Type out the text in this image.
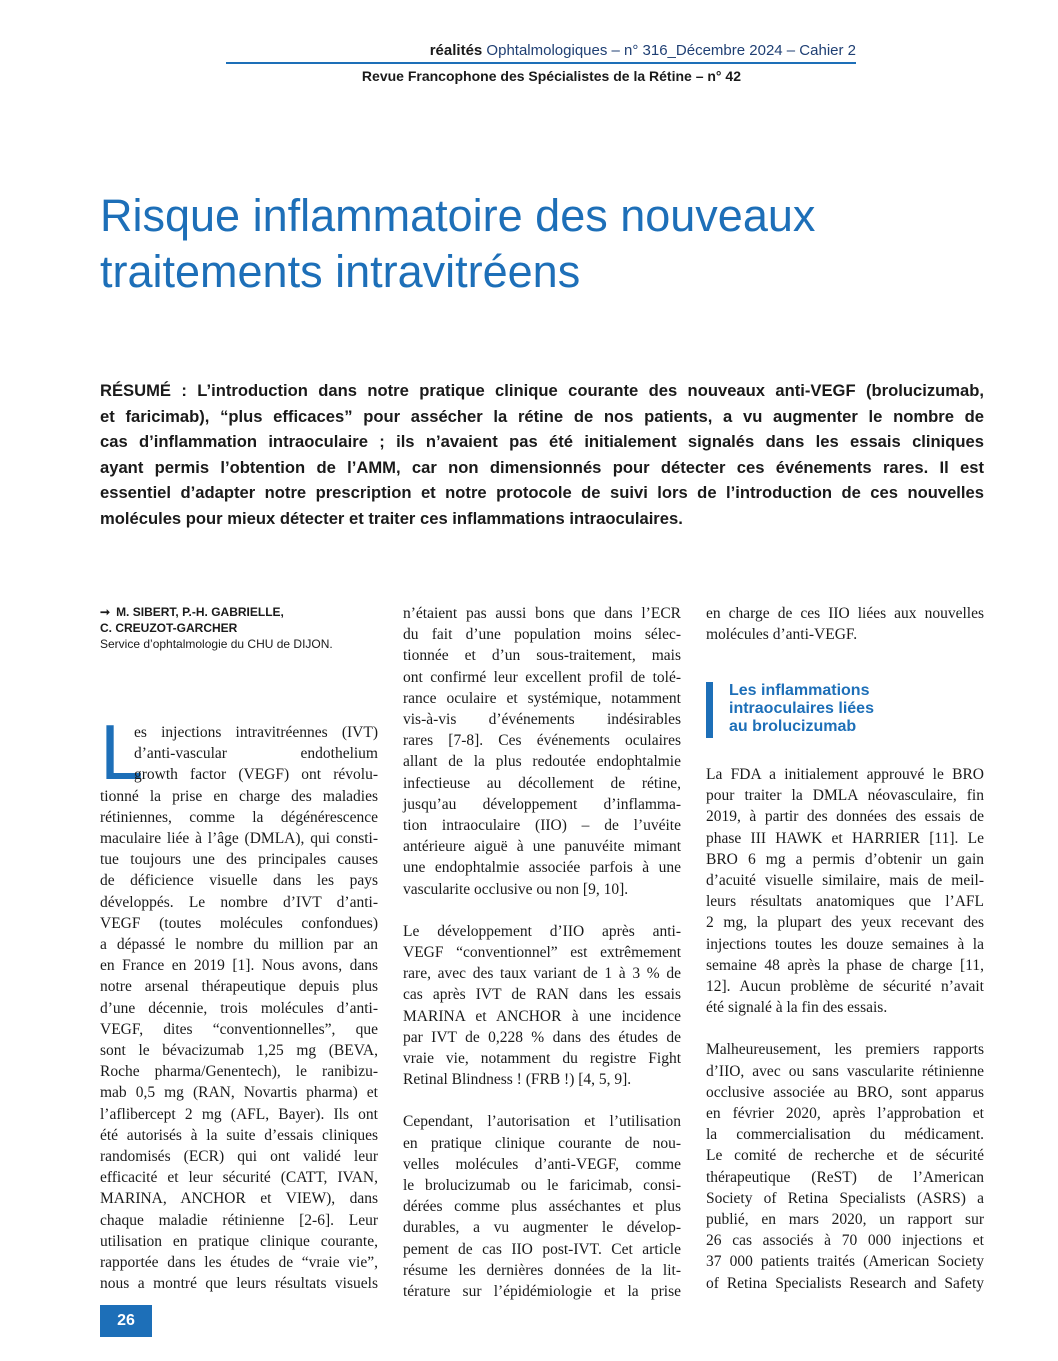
réalités Ophtalmologiques – n° 316_Décembre 2024 – Cahier 2
Revue Francophone des Spécialistes de la Rétine – n° 42
Risque inflammatoire des nouveaux
traitements intravitréens
RÉSUMÉ : L’introduction dans notre pratique clinique courante des nouveaux anti-VEGF (brolucizumab,
et faricimab), “plus efficaces” pour assécher la rétine de nos patients, a vu augmenter le nombre de
cas d’inflammation intraoculaire ; ils n’avaient pas été initialement signalés dans les essais cliniques
ayant permis l’obtention de l’AMM, car non dimensionnés pour détecter ces événements rares. Il est
essentiel d’adapter notre prescription et notre protocole de suivi lors de l’introduction de ces nouvelles
molécules pour mieux détecter et traiter ces inflammations intraoculaires.
➞ M. SIBERT, P.-H. GABRIELLE,
C. CREUZOT-GARCHER
Service d’ophtalmologie du CHU de DIJON.
L
es injections intravitréennes (IVT)
d’anti-vascular endothelium
growth factor (VEGF) ont révolu-
tionné la prise en charge des maladies
rétiniennes, comme la dégénérescence
maculaire liée à l’âge (DMLA), qui consti-
tue toujours une des principales causes
de déficience visuelle dans les pays
développés. Le nombre d’IVT d’anti-
VEGF (toutes molécules confondues)
a dépassé le nombre du million par an
en France en 2019 [1]. Nous avons, dans
notre arsenal thérapeutique depuis plus
d’une décennie, trois molécules d’anti-
VEGF, dites “conventionnelles”, que
sont le bévacizumab 1,25 mg (BEVA,
Roche pharma/Genentech), le ranibizu-
mab 0,5 mg (RAN, Novartis pharma) et
l’aflibercept 2 mg (AFL, Bayer). Ils ont
été autorisés à la suite d’essais cliniques
randomisés (ECR) qui ont validé leur
efficacité et leur sécurité (CATT, IVAN,
MARINA, ANCHOR et VIEW), dans
chaque maladie rétinienne [2-6]. Leur
utilisation en pratique clinique courante,
rapportée dans les études de “vraie vie”,
nous a montré que leurs résultats visuels
n’étaient pas aussi bons que dans l’ECR
du fait d’une population moins sélec-
tionnée et d’un sous-traitement, mais
ont confirmé leur excellent profil de tolé-
rance oculaire et systémique, notamment
vis-à-vis d’événements indésirables
rares [7-8]. Ces événements oculaires
allant de la plus redoutée endophtalmie
infectieuse au décollement de rétine,
jusqu’au développement d’inflamma-
tion intraoculaire (IIO) – de l’uvéite
antérieure aiguë à une panuvéite mimant
une endophtalmie associée parfois à une
vascularite occlusive ou non [9, 10].
Le développement d’IIO après anti-
VEGF “conventionnel” est extrêmement
rare, avec des taux variant de 1 à 3 % de
cas après IVT de RAN dans les essais
MARINA et ANCHOR à une incidence
par IVT de 0,228 % dans des études de
vraie vie, notamment du registre Fight
Retinal Blindness ! (FRB !) [4, 5, 9].
Cependant, l’autorisation et l’utilisation
en pratique clinique courante de nou-
velles molécules d’anti-VEGF, comme
le brolucizumab ou le faricimab, consi-
dérées comme plus asséchantes et plus
durables, a vu augmenter le dévelop-
pement de cas IIO post-IVT. Cet article
résume les dernières données de la lit-
térature sur l’épidémiologie et la prise
en charge de ces IIO liées aux nouvelles
molécules d’anti-VEGF.
Les inflammations
intraoculaires liées
au brolucizumab
La FDA a initialement approuvé le BRO
pour traiter la DMLA néovasculaire, fin
2019, à partir des données des essais de
phase III HAWK et HARRIER [11]. Le
BRO 6 mg a permis d’obtenir un gain
d’acuité visuelle similaire, mais de meil-
leurs résultats anatomiques que l’AFL
2 mg, la plupart des yeux recevant des
injections toutes les douze semaines à la
semaine 48 après la phase de charge [11,
12]. Aucun problème de sécurité n’avait
été signalé à la fin des essais.
Malheureusement, les premiers rapports
d’IIO, avec ou sans vascularite rétinienne
occlusive associée au BRO, sont apparus
en février 2020, après l’approbation et
la commercialisation du médicament.
Le comité de recherche et de sécurité
thérapeutique (ReST) de l’American
Society of Retina Specialists (ASRS) a
publié, en mars 2020, un rapport sur
26 cas associés à 70 000 injections et
37 000 patients traités (American Society
of Retina Specialists Research and Safety
26
